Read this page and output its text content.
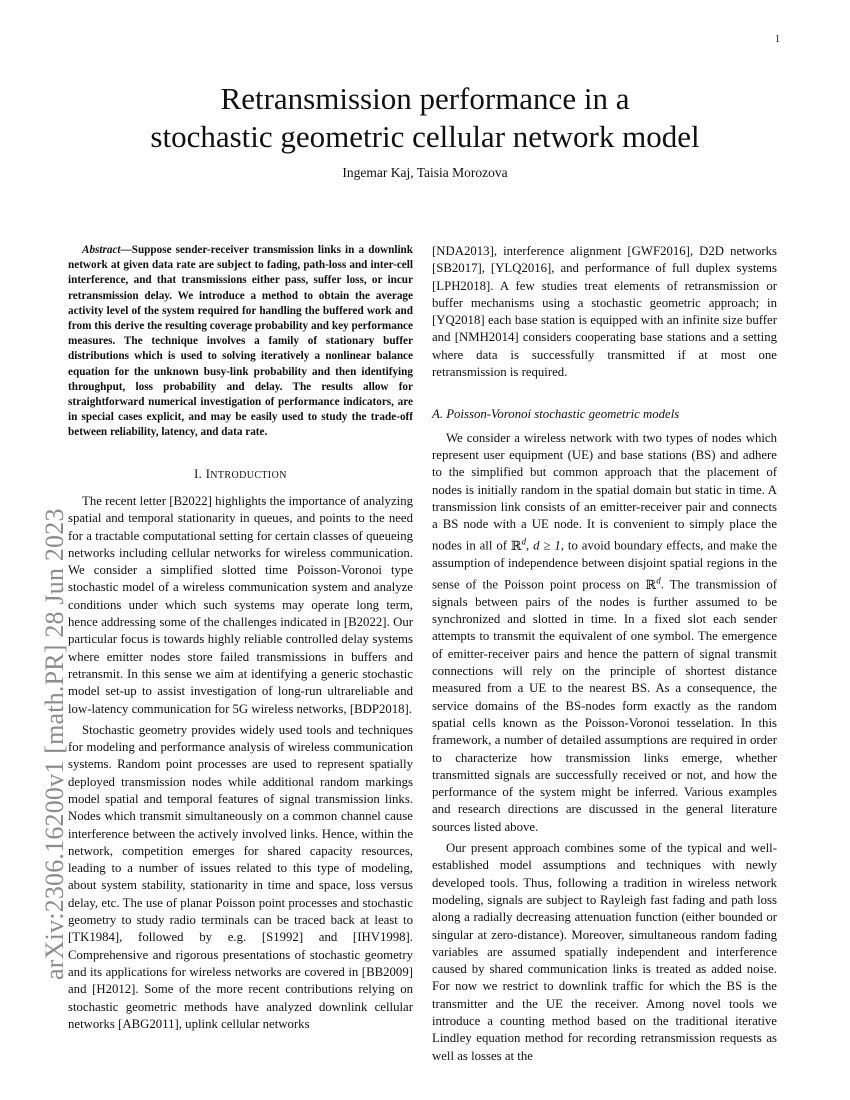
1
arXiv:2306.16200v1 [math.PR] 28 Jun 2023
Retransmission performance in a
stochastic geometric cellular network model
Ingemar Kaj, Taisia Morozova
Abstract—Suppose sender-receiver transmission links in a downlink network at given data rate are subject to fading, path-loss and inter-cell interference, and that transmissions either pass, suffer loss, or incur retransmission delay. We introduce a method to obtain the average activity level of the system required for handling the buffered work and from this derive the resulting coverage probability and key performance measures. The technique involves a family of stationary buffer distributions which is used to solving iteratively a nonlinear balance equation for the unknown busy-link probability and then identifying throughput, loss probability and delay. The results allow for straightforward numerical investigation of performance indicators, are in special cases explicit, and may be easily used to study the trade-off between reliability, latency, and data rate.
I. INTRODUCTION

The recent letter [B2022] highlights the importance of analyzing spatial and temporal stationarity in queues, and points to the need for a tractable computational setting for certain classes of queueing networks including cellular networks for wireless communication. We consider a simplified slotted time Poisson-Voronoi type stochastic model of a wireless communication system and analyze conditions under which such systems may operate long term, hence addressing some of the challenges indicated in [B2022]. Our particular focus is towards highly reliable controlled delay systems where emitter nodes store failed transmissions in buffers and retransmit. In this sense we aim at identifying a generic stochastic model set-up to assist investigation of long-run ultrareliable and low-latency communication for 5G wireless networks, [BDP2018].

Stochastic geometry provides widely used tools and techniques for modeling and performance analysis of wireless communication systems. Random point processes are used to represent spatially deployed transmission nodes while additional random markings model spatial and temporal features of signal transmission links. Nodes which transmit simultaneously on a common channel cause interference between the actively involved links. Hence, within the network, competition emerges for shared capacity resources, leading to a number of issues related to this type of modeling, about system stability, stationarity in time and space, loss versus delay, etc. The use of planar Poisson point processes and stochastic geometry to study radio terminals can be traced back at least to [TK1984], followed by e.g. [S1992] and [IHV1998]. Comprehensive and rigorous presentations of stochastic geometry and its applications for wireless networks are covered in [BB2009] and [H2012]. Some of the more recent contributions relying on stochastic geometric methods have analyzed downlink cellular networks [ABG2011], uplink cellular networks

[NDA2013], interference alignment [GWF2016], D2D networks [SB2017], [YLQ2016], and performance of full duplex systems [LPH2018]. A few studies treat elements of retransmission or buffer mechanisms using a stochastic geometric approach; in [YQ2018] each base station is equipped with an infinite size buffer and [NMH2014] considers cooperating base stations and a setting where data is successfully transmitted if at most one retransmission is required.

A. Poisson-Voronoi stochastic geometric models

We consider a wireless network with two types of nodes which represent user equipment (UE) and base stations (BS) and adhere to the simplified but common approach that the placement of nodes is initially random in the spatial domain but static in time. A transmission link consists of an emitter-receiver pair and connects a BS node with a UE node. It is convenient to simply place the nodes in all of ℝ$^d$, d ≥ 1, to avoid boundary effects, and make the assumption of independence between disjoint spatial regions in the sense of the Poisson point process on ℝ$^d$. The transmission of signals between pairs of the nodes is further assumed to be synchronized and slotted in time. In a fixed slot each sender attempts to transmit the equivalent of one symbol. The emergence of emitter-receiver pairs and hence the pattern of signal transmit connections will rely on the principle of shortest distance measured from a UE to the nearest BS. As a consequence, the service domains of the BS-nodes form exactly as the random spatial cells known as the Poisson-Voronoi tesselation. In this framework, a number of detailed assumptions are required in order to characterize how transmission links emerge, whether transmitted signals are successfully received or not, and how the performance of the system might be inferred. Various examples and research directions are discussed in the general literature sources listed above.

Our present approach combines some of the typical and well-established model assumptions and techniques with newly developed tools. Thus, following a tradition in wireless network modeling, signals are subject to Rayleigh fast fading and path loss along a radially decreasing attenuation function (either bounded or singular at zero-distance). Moreover, simultaneous random fading variables are assumed spatially independent and interference caused by shared communication links is treated as added noise. For now we restrict to downlink traffic for which the BS is the transmitter and the UE the receiver. Among novel tools we introduce a counting method based on the traditional iterative Lindley equation method for recording retransmission requests as well as losses at the
